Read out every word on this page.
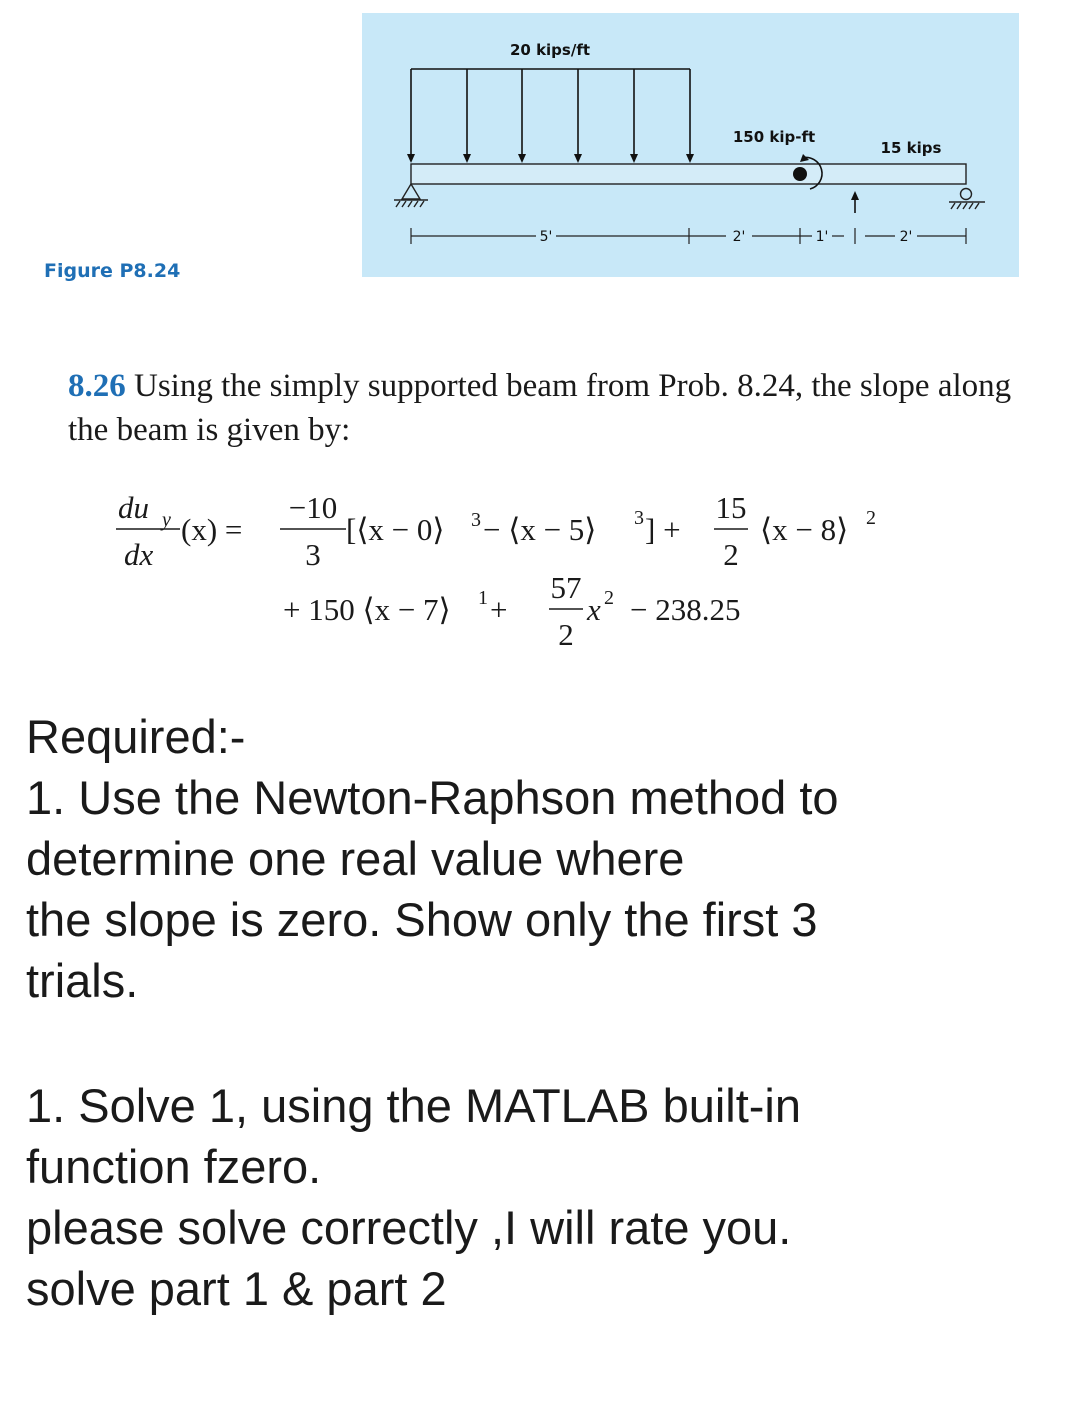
Figure P8.24
20 kips/ft
150 kip-ft
15 kips
5'	2'	1'	2'
8.26 Using the simply supported beam from Prob. 8.24, the slope along the beam is given by:
du y
dx
(x) =
−10
3
[⟨x − 0⟩ 3 − ⟨x − 5⟩ 3 ] +
15
2
⟨x − 8⟩ 2
+ 150 ⟨x − 7⟩ 1 +
57
2
x 2 − 238.25

Required:-

1. Use the Newton-Raphson method to

determine one real value where

the slope is zero. Show only the first 3

trials.

1. Solve 1, using the MATLAB built-in

function fzero.

please solve correctly ,I will rate you.

solve part 1 & part 2
